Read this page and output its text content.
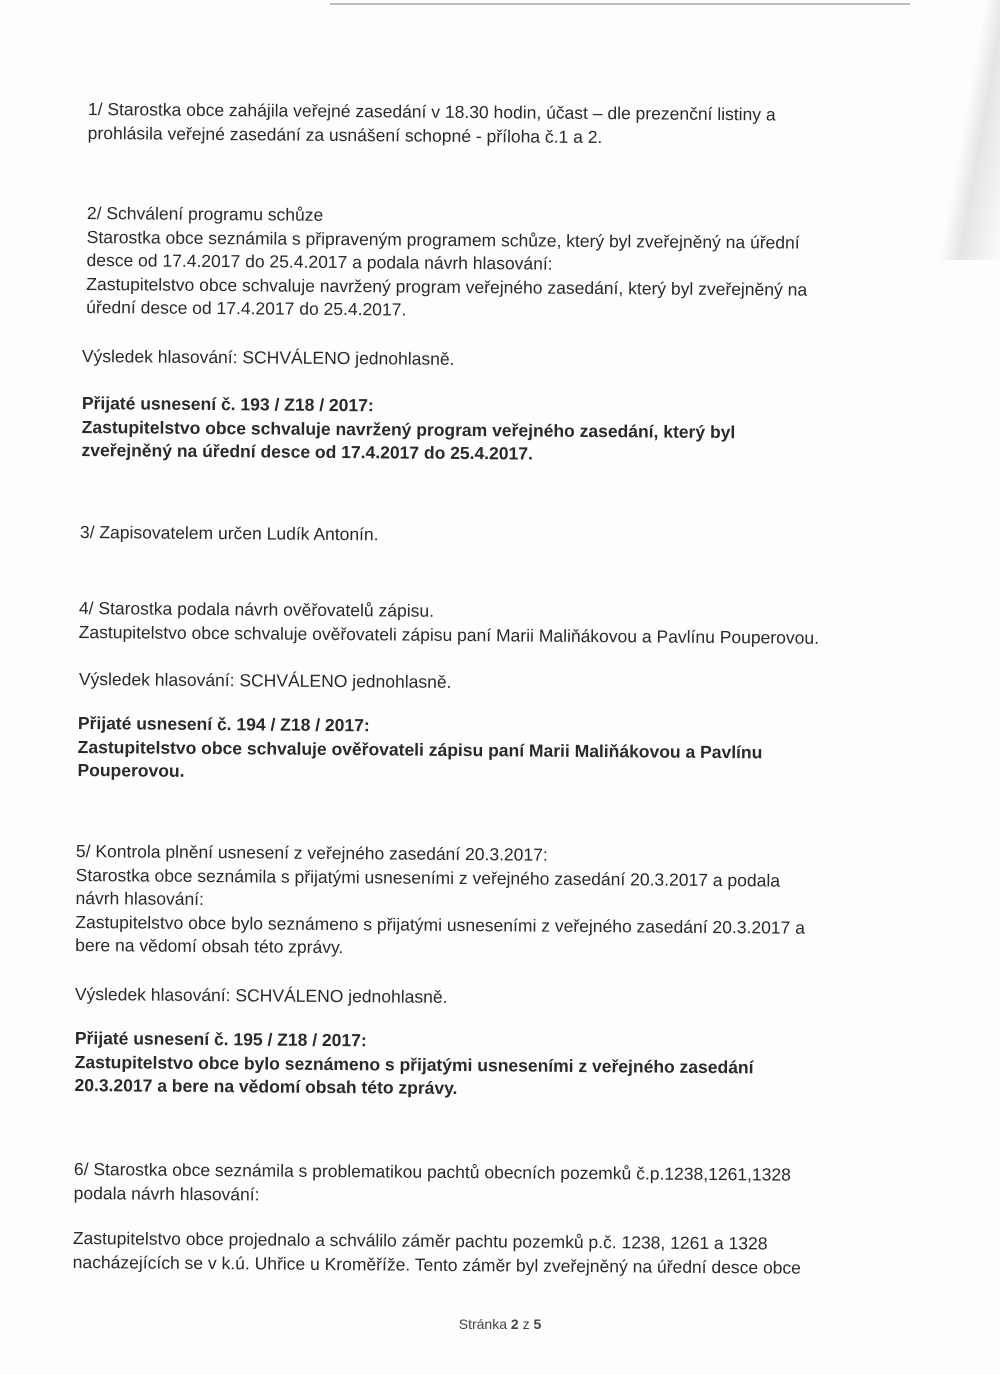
1/ Starostka obce zahájila veřejné zasedání v 18.30 hodin, účast – dle prezenční listiny a
prohlásila veřejné zasedání za usnášení schopné - příloha č.1 a 2.
2/ Schválení programu schůze
Starostka obce seznámila s připraveným programem schůze, který byl zveřejněný na úřední
desce od 17.4.2017 do 25.4.2017 a podala návrh hlasování:
Zastupitelstvo obce schvaluje navržený program veřejného zasedání, který byl zveřejněný na
úřední desce od 17.4.2017 do 25.4.2017.
Výsledek hlasování: SCHVÁLENO jednohlasně.
Přijaté usnesení č. 193 / Z18 / 2017:
Zastupitelstvo obce schvaluje navržený program veřejného zasedání, který byl
zveřejněný na úřední desce od 17.4.2017 do 25.4.2017.
3/ Zapisovatelem určen Ludík Antonín.
4/ Starostka podala návrh ověřovatelů zápisu.
Zastupitelstvo obce schvaluje ověřovateli zápisu paní Marii Maliňákovou a Pavlínu Pouperovou.
Výsledek hlasování: SCHVÁLENO jednohlasně.
Přijaté usnesení č. 194 / Z18 / 2017:
Zastupitelstvo obce schvaluje ověřovateli zápisu paní Marii Maliňákovou a Pavlínu
Pouperovou.
5/ Kontrola plnění usnesení z veřejného zasedání 20.3.2017:
Starostka obce seznámila s přijatými usneseními z veřejného zasedání 20.3.2017 a podala
návrh hlasování:
Zastupitelstvo obce bylo seznámeno s přijatými usneseními z veřejného zasedání 20.3.2017 a
bere na vědomí obsah této zprávy.
Výsledek hlasování: SCHVÁLENO jednohlasně.
Přijaté usnesení č. 195 / Z18 / 2017:
Zastupitelstvo obce bylo seznámeno s přijatými usneseními z veřejného zasedání
20.3.2017 a bere na vědomí obsah této zprávy.
6/ Starostka obce seznámila s problematikou pachtů obecních pozemků č.p.1238,1261,1328
podala návrh hlasování:
Zastupitelstvo obce projednalo a schválilo záměr pachtu pozemků p.č. 1238, 1261 a 1328
nacházejících se v k.ú. Uhřice u Kroměříže. Tento záměr byl zveřejněný na úřední desce obce
Stránka 2 z 5
